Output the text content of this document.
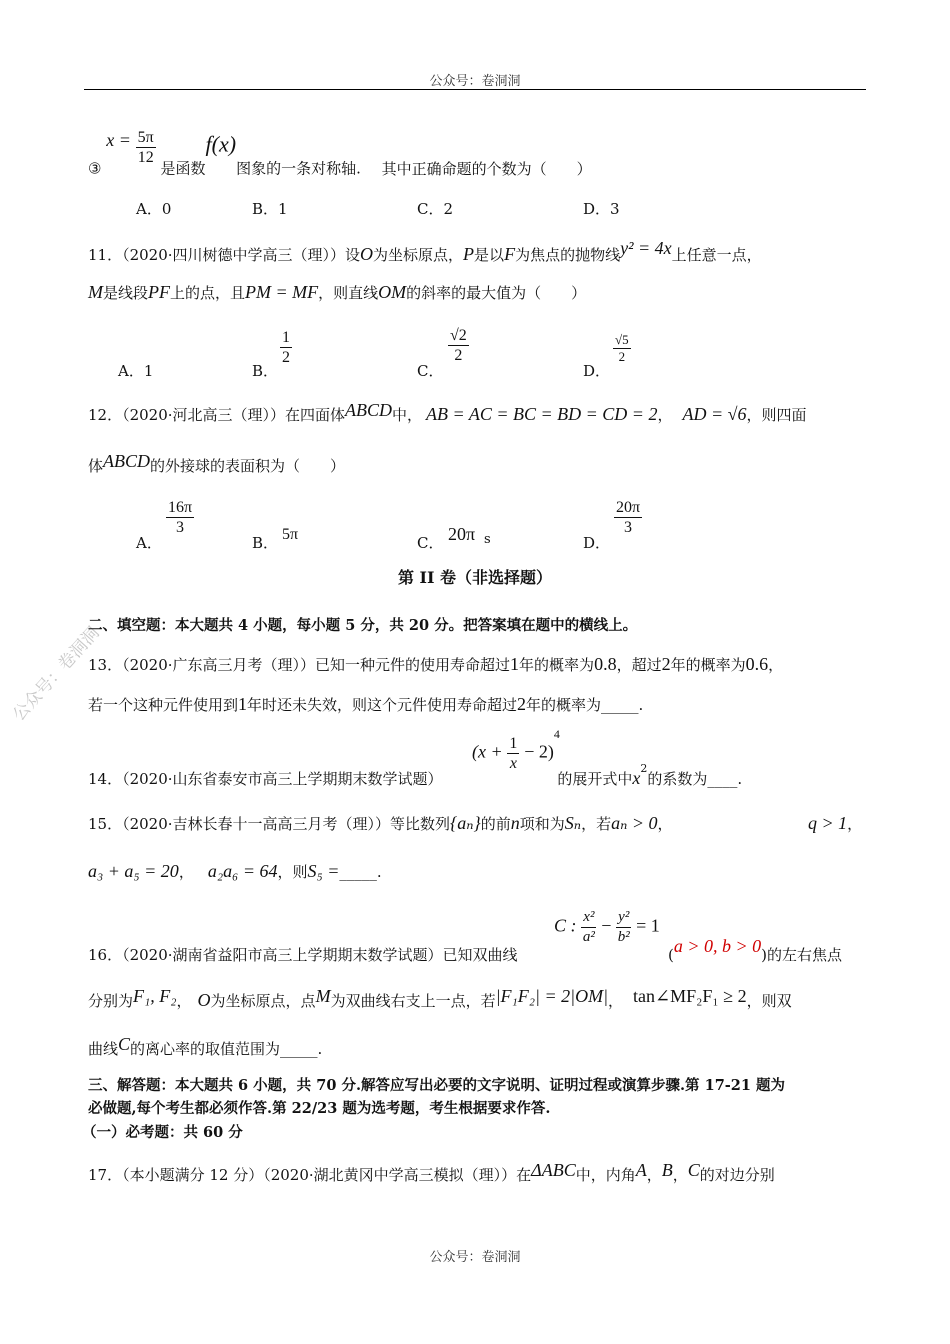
公众号：卷洞洞
公众号：卷洞洞
③ $x = \frac{5\pi}{12}$
是函数f(x)图象的一条对称轴. 其中正确命题的个数为（　　）
A．0	B．1	C．2	D．3
11．（2020·四川树德中学高三（理））设O为坐标原点，P是以F为焦点的抛物线y² = 4x上任意一点，
M是线段PF上的点，且PM = MF，则直线OM的斜率的最大值为（　　）
A．1	B．
$\frac{1}{2}$
C．
$\frac{√2}{2}$
D．
$\frac{√5}{2}$
12．（2020·河北高三（理））在四面体ABCD中， AB = AC = BC = BD = CD = 2， AD = √6，则四面
体ABCD的外接球的表面积为（　　）
A．
$\frac{16\pi}{3}$
B． 5π	C． 20π s	D．
$\frac{20\pi}{3}$
第 II 卷（非选择题）
二、填空题：本大题共 4 小题，每小题 5 分，共 20 分。把答案填在题中的横线上。
13．（2020·广东高三月考（理））已知一种元件的使用寿命超过1年的概率为0.8，超过2年的概率为0.6，
若一个这种元件使用到1年时还未失效，则这个元件使用寿命超过2年的概率为_____.
$(x + \frac{1}{x} - 2)^4$
14．（2020·山东省泰安市高三上学期期末数学试题）	的展开式中$x^2$的系数为____.
15．（2020·吉林长春十一高高三月考（理））等比数列{aₙ}的前n项和为Sₙ，若aₙ > 0，	q > 1，
a₃ + a₅ = 20， a₂a₆ = 64，则S₅ =_____.
C : $\frac{\text{x²}}{\text{a²}} - \frac{\text{y²}}{\text{b²}} = 1$
16．（2020·湖南省益阳市高三上学期期末数学试题）已知双曲线	(a > 0, b > 0)的左右焦点
分别为F₁, F₂， O为坐标原点，点M为双曲线右支上一点，若|F₁F₂| = 2|OM|， tan∠MF₂F₁ ≥ 2，则双
曲线C的离心率的取值范围为_____.
三、解答题：本大题共 6 小题，共 70 分.解答应写出必要的文字说明、证明过程或演算步骤.第 17-21 题为
必做题,每个考生都必须作答.第 22/23 题为选考题，考生根据要求作答.
（一）必考题：共 60 分
17．（本小题满分 12 分）（2020·湖北黄冈中学高三模拟（理））在ΔABC中，内角A，B，C的对边分别
公众号：卷洞洞
